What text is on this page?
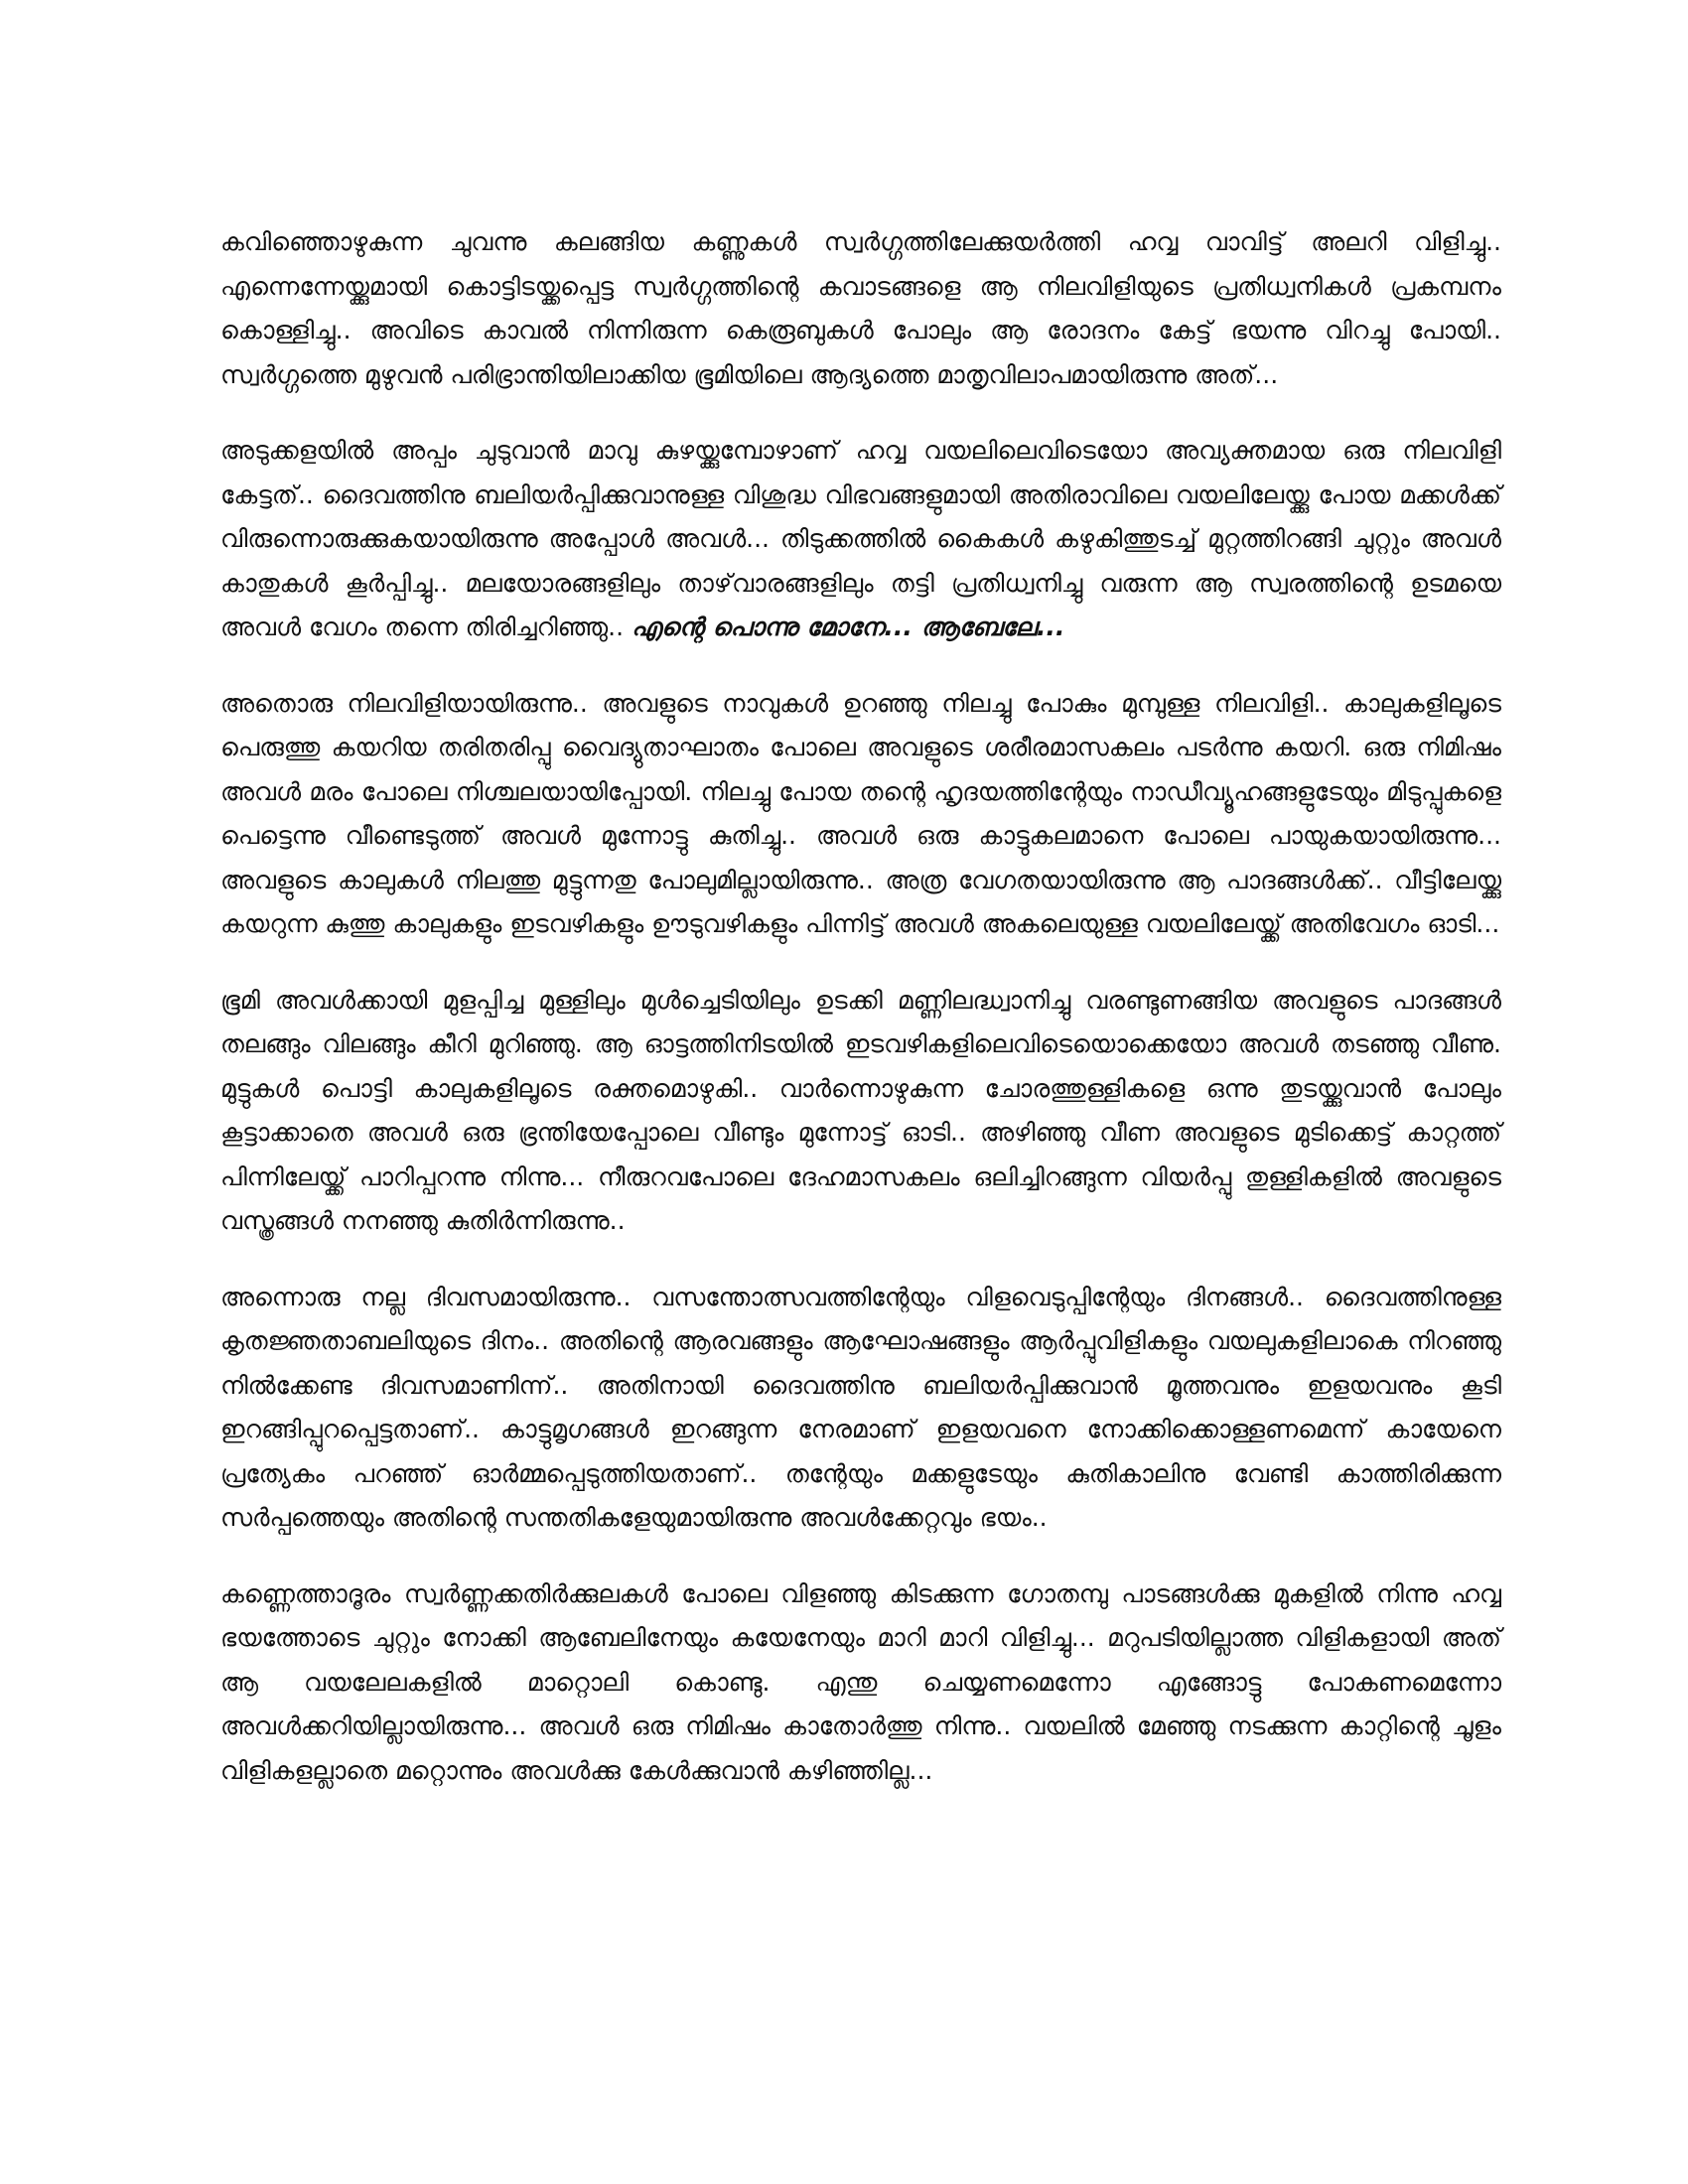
കവിഞ്ഞൊഴുകുന്ന ചുവന്നു കലങ്ങിയ കണ്ണുകൾ സ്വർഗ്ഗത്തിലേക്കുയർത്തി ഹവ്വ വാവിട്ട് അലറി വിളിച്ചു.. എന്നെന്നേയ്ക്കുമായി കൊട്ടിടയ്ക്കപ്പെട്ട സ്വർഗ്ഗത്തിന്റെ കവാടങ്ങളെ ആ നിലവിളിയുടെ പ്രതിധ്വനികൾ പ്രകമ്പനം കൊള്ളിച്ചു.. അവിടെ കാവൽ നിന്നിരുന്ന കെരൂബുകൾ പോലും ആ രോദനം കേട്ട് ഭയന്നു വിറച്ചു പോയി.. സ്വർഗ്ഗത്തെ മുഴുവൻ പരിഭ്രാന്തിയിലാക്കിയ ഭൂമിയിലെ ആദ്യത്തെ മാതൃവിലാപമായിരുന്നു അത്...

അടുക്കളയിൽ അപ്പം ചുടുവാൻ മാവു കുഴയ്ക്കുമ്പോഴാണ് ഹവ്വ വയലിലെവിടെയോ അവ്യക്തമായ ഒരു നിലവിളി കേട്ടത്.. ദൈവത്തിനു ബലിയർപ്പിക്കുവാനുള്ള വിശുദ്ധ വിഭവങ്ങളുമായി അതിരാവിലെ വയലിലേയ്ക്കു പോയ മക്കൾക്ക് വിരുന്നൊരുക്കുകയായിരുന്നു അപ്പോൾ അവൾ... തിടുക്കത്തിൽ കൈകൾ കഴുകിത്തുടച്ച് മുറ്റത്തിറങ്ങി ചുറ്റും അവൾ കാതുകൾ കൂർപ്പിച്ചു.. മലയോരങ്ങളിലും താഴ്‌വാരങ്ങളിലും തട്ടി പ്രതിധ്വനിച്ചു വരുന്ന ആ സ്വരത്തിന്റെ ഉടമയെ അവൾ വേഗം തന്നെ തിരിച്ചറിഞ്ഞു.. എന്റെ പൊന്നു മോനേ... ആബേലേ...

അതൊരു നിലവിളിയായിരുന്നു.. അവളുടെ നാവുകൾ ഉറഞ്ഞു നിലച്ചു പോകും മുമ്പുള്ള നിലവിളി.. കാലുകളിലൂടെ പെരുത്തു കയറിയ തരിതരിപ്പു വൈദ്യുതാഘാതം പോലെ അവളുടെ ശരീരമാസകലം പടർന്നു കയറി. ഒരു നിമിഷം അവൾ മരം പോലെ നിശ്ചലയായിപ്പോയി. നിലച്ചു പോയ തന്റെ ഹൃദയത്തിന്റേയും നാഡീവ്യൂഹങ്ങളുടേയും മിടുപ്പുകളെ പെട്ടെന്നു വീണ്ടെടുത്ത് അവൾ മുന്നോട്ടു കുതിച്ചു.. അവൾ ഒരു കാട്ടുകലമാനെ പോലെ പായുകയായിരുന്നു... അവളുടെ കാലുകൾ നിലത്തു മുട്ടുന്നതു പോലുമില്ലായിരുന്നു.. അത്ര വേഗതയായിരുന്നു ആ പാദങ്ങൾക്ക്.. വീട്ടിലേയ്ക്കു കയറുന്ന കുത്തു കാലുകളും ഇടവഴികളും ഊടുവഴികളും പിന്നിട്ട് അവൾ അകലെയുള്ള വയലിലേയ്ക്ക് അതിവേഗം ഓടി...

ഭൂമി അവൾക്കായി മുളപ്പിച്ച മുള്ളിലും മുൾച്ചെടിയിലും ഉടക്കി മണ്ണിലദ്ധ്വാനിച്ചു വരണ്ടുണങ്ങിയ അവളുടെ പാദങ്ങൾ തലങ്ങും വിലങ്ങും കീറി മുറിഞ്ഞു. ആ ഓട്ടത്തിനിടയിൽ ഇടവഴികളിലെവിടെയൊക്കെയോ അവൾ തടഞ്ഞു വീണു. മുട്ടുകൾ പൊട്ടി കാലുകളിലൂടെ രക്തമൊഴുകി.. വാർന്നൊഴുകുന്ന ചോരത്തുള്ളികളെ ഒന്നു തുടയ്ക്കുവാൻ പോലും കൂട്ടാക്കാതെ അവൾ ഒരു ഭ്രന്തിയേപ്പോലെ വീണ്ടും മുന്നോട്ട് ഓടി.. അഴിഞ്ഞു വീണ അവളുടെ മുടിക്കെട്ട് കാറ്റത്ത് പിന്നിലേയ്ക്ക് പാറിപ്പറന്നു നിന്നു... നീരുറവപോലെ ദേഹമാസകലം ഒലിച്ചിറങ്ങുന്ന വിയർപ്പു തുള്ളികളിൽ അവളുടെ വസ്ത്രങ്ങൾ നനഞ്ഞു കുതിർന്നിരുന്നു..

അന്നൊരു നല്ല ദിവസമായിരുന്നു.. വസന്തോത്സവത്തിന്റേയും വിളവെടുപ്പിന്റേയും ദിനങ്ങൾ.. ദൈവത്തിനുള്ള കൃതജ്ഞതാബലിയുടെ ദിനം.. അതിന്റെ ആരവങ്ങളും ആഘോഷങ്ങളും ആർപ്പുവിളികളും വയലുകളിലാകെ നിറഞ്ഞു നിൽക്കേണ്ട ദിവസമാണിന്ന്.. അതിനായി ദൈവത്തിനു ബലിയർപ്പിക്കുവാൻ മൂത്തവനും ഇളയവനും കൂടി ഇറങ്ങിപ്പുറപ്പെട്ടതാണ്.. കാട്ടുമൃഗങ്ങൾ ഇറങ്ങുന്ന നേരമാണ് ഇളയവനെ നോക്കിക്കൊള്ളണമെന്ന് കായേനെ പ്രത്യേകം പറഞ്ഞ് ഓർമ്മപ്പെടുത്തിയതാണ്.. തന്റേയും മക്കളുടേയും കുതികാലിനു വേണ്ടി കാത്തിരിക്കുന്ന സർപ്പത്തെയും അതിന്റെ സന്തതികളേയുമായിരുന്നു അവൾക്കേറ്റവും ഭയം..

കണ്ണെത്താദൂരം സ്വർണ്ണക്കതിർക്കുലകൾ പോലെ വിളഞ്ഞു കിടക്കുന്ന ഗോതമ്പു പാടങ്ങൾക്കു മുകളിൽ നിന്നു ഹവ്വ ഭയത്തോടെ ചുറ്റും നോക്കി ആബേലിനേയും കയേനേയും മാറി മാറി വിളിച്ചു... മറുപടിയില്ലാത്ത വിളികളായി അത് ആ വയലേലകളിൽ മാറ്റൊലി കൊണ്ടു. എന്തു ചെയ്യണമെന്നോ എങ്ങോട്ടു പോകണമെന്നോ അവൾക്കറിയില്ലായിരുന്നു... അവൾ ഒരു നിമിഷം കാതോർത്തു നിന്നു.. വയലിൽ മേഞ്ഞു നടക്കുന്ന കാറ്റിന്റെ ചൂളം വിളികളല്ലാതെ മറ്റൊന്നും അവൾക്കു കേൾക്കുവാൻ കഴിഞ്ഞില്ല...
